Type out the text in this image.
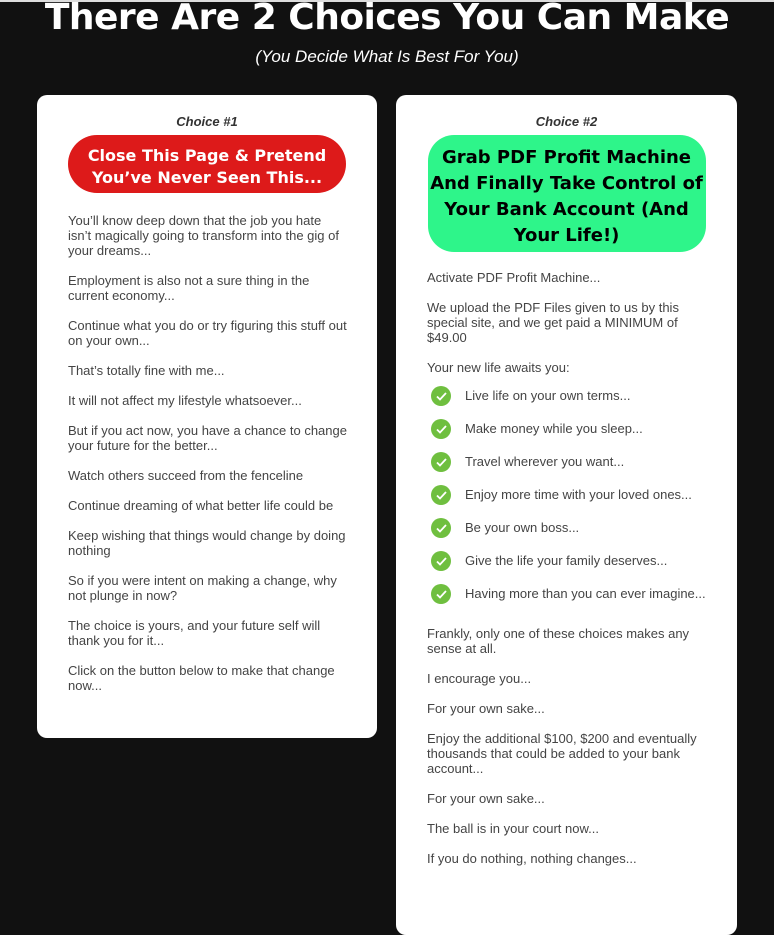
There Are 2 Choices You Can Make
(You Decide What Is Best For You)
Choice #1
Close This Page & Pretend You’ve Never Seen This...

You’ll know deep down that the job you hate isn’t magically going to transform into the gig of your dreams...

Employment is also not a sure thing in the current economy...

Continue what you do or try figuring this stuff out on your own...

That’s totally fine with me...

It will not affect my lifestyle whatsoever...

But if you act now, you have a chance to change your future for the better...

Watch others succeed from the fenceline

Continue dreaming of what better life could be

Keep wishing that things would change by doing nothing

So if you were intent on making a change, why not plunge in now?

The choice is yours, and your future self will thank you for it...

Click on the button below to make that change now...

Choice #2
Grab PDF Profit Machine And Finally Take Control of Your Bank Account (And Your Life!)

Activate PDF Profit Machine...

We upload the PDF Files given to us by this special site, and we get paid a MINIMUM of $49.00

Your new life awaits you:

Live life on your own terms...
Make money while you sleep...
Travel wherever you want...
Enjoy more time with your loved ones...
Be your own boss...
Give the life your family deserves...
Having more than you can ever imagine...

Frankly, only one of these choices makes any sense at all.

I encourage you...

For your own sake...

Enjoy the additional $100, $200 and eventually thousands that could be added to your bank account...

For your own sake...

The ball is in your court now...

If you do nothing, nothing changes...
